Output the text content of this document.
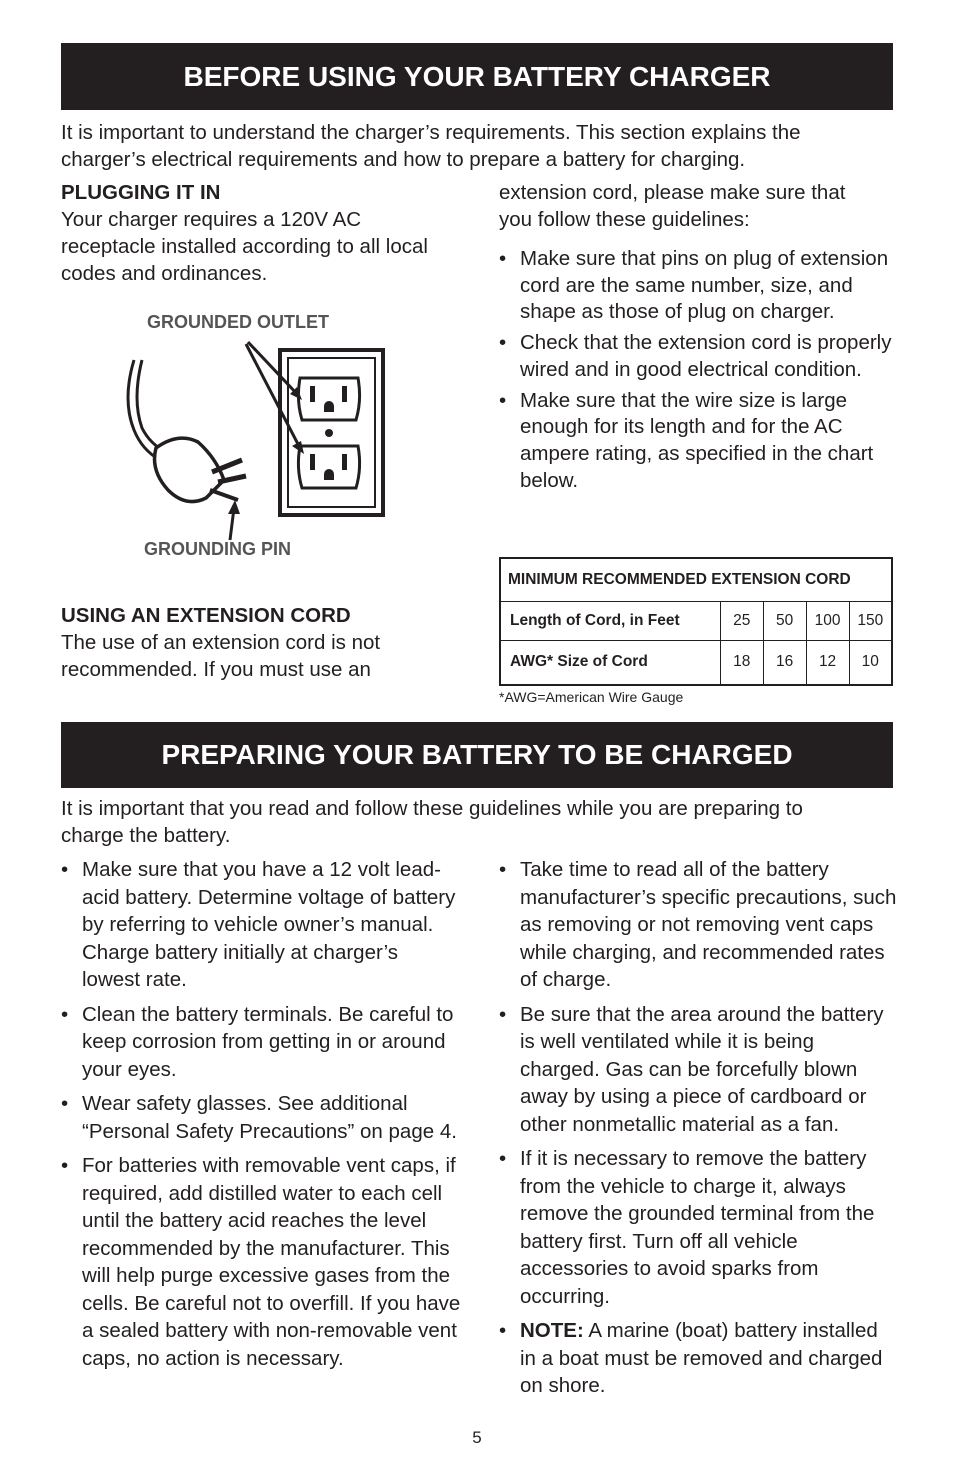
BEFORE USING YOUR BATTERY CHARGER
It is important to understand the charger’s requirements. This section explains the
charger’s electrical requirements and how to prepare a battery for charging.
PLUGGING IT IN
Your charger requires a 120V AC
receptacle installed according to all local
codes and ordinances.
GROUNDED OUTLET
GROUNDING PIN
USING AN EXTENSION CORD
The use of an extension cord is not
recommended. If you must use an
extension cord, please make sure that
you follow these guidelines:
• Make sure that pins on plug of extension cord are the same number, size, and shape as those of plug on charger.
• Check that the extension cord is properly wired and in good electrical condition.
• Make sure that the wire size is large enough for its length and for the AC ampere rating, as specified in the chart below.
MINIMUM RECOMMENDED EXTENSION CORD				
Length of Cord, in Feet	25	50	100	150
AWG* Size of Cord	18	16	12	10
*AWG=American Wire Gauge
PREPARING YOUR BATTERY TO BE CHARGED
It is important that you read and follow these guidelines while you are preparing to
charge the battery.
• Make sure that you have a 12 volt lead-acid battery. Determine voltage of battery by referring to vehicle owner’s manual. Charge battery initially at charger’s lowest rate.
• Clean the battery terminals. Be careful to keep corrosion from getting in or around your eyes.
• Wear safety glasses. See additional “Personal Safety Precautions” on page 4.
• For batteries with removable vent caps, if required, add distilled water to each cell until the battery acid reaches the level recommended by the manufacturer. This will help purge excessive gases from the cells. Be careful not to overfill. If you have a sealed battery with non-removable vent caps, no action is necessary.
• Take time to read all of the battery manufacturer’s specific precautions, such as removing or not removing vent caps while charging, and recommended rates of charge.
• Be sure that the area around the battery is well ventilated while it is being charged. Gas can be forcefully blown away by using a piece of cardboard or other nonmetallic material as a fan.
• If it is necessary to remove the battery from the vehicle to charge it, always remove the grounded terminal from the battery first. Turn off all vehicle accessories to avoid sparks from occurring.
• NOTE: A marine (boat) battery installed in a boat must be removed and charged on shore.
5
